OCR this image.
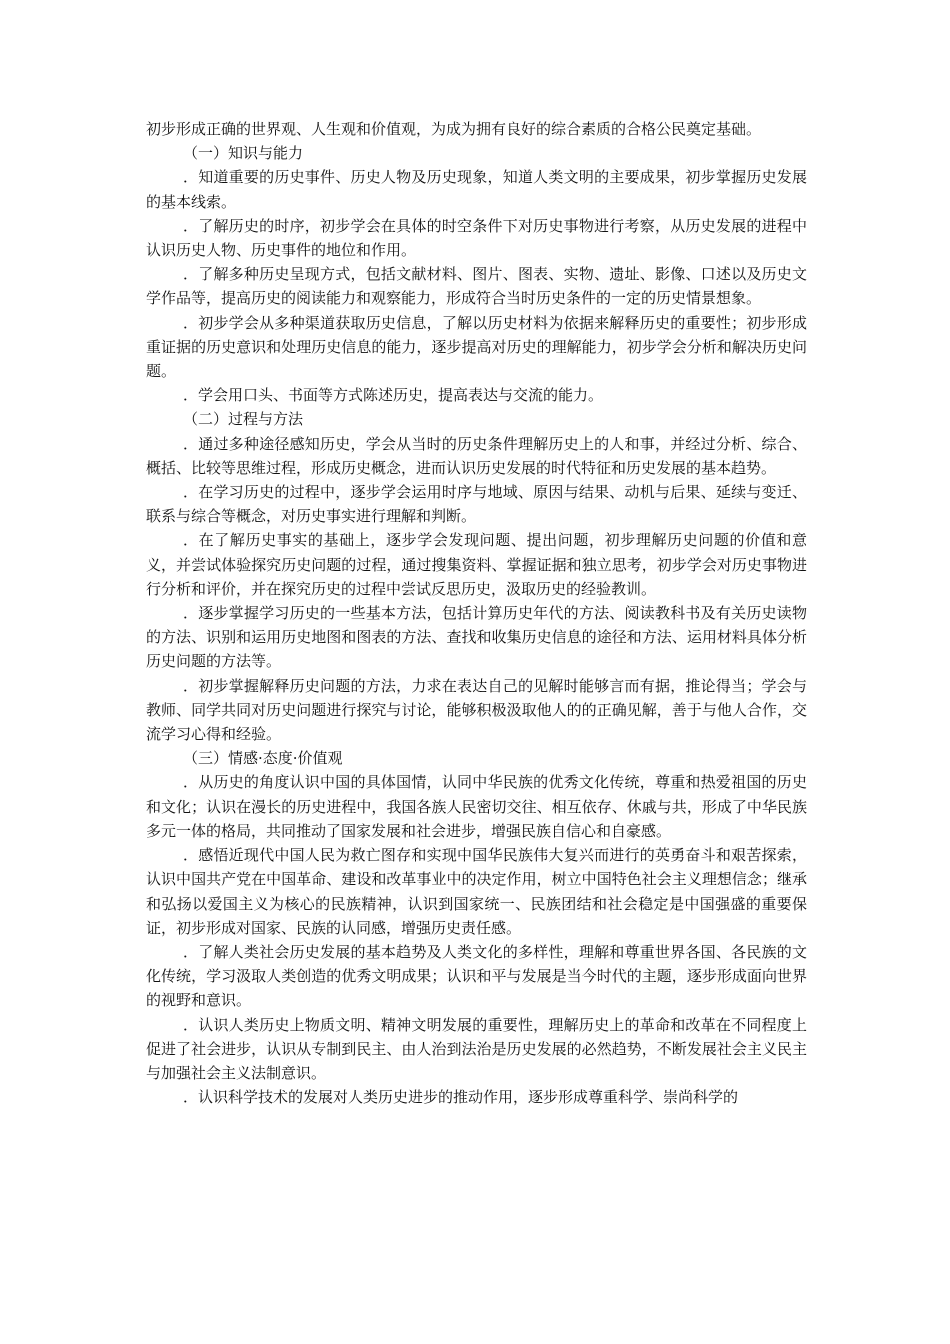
初步形成正确的世界观、人生观和价值观，为成为拥有良好的综合素质的合格公民奠定基础。

（一）知识与能力

．知道重要的历史事件、历史人物及历史现象，知道人类文明的主要成果，初步掌握历史发展的基本线索。

．了解历史的时序，初步学会在具体的时空条件下对历史事物进行考察，从历史发展的进程中认识历史人物、历史事件的地位和作用。

．了解多种历史呈现方式，包括文献材料、图片、图表、实物、遗址、影像、口述以及历史文学作品等，提高历史的阅读能力和观察能力，形成符合当时历史条件的一定的历史情景想象。

．初步学会从多种渠道获取历史信息，了解以历史材料为依据来解释历史的重要性；初步形成重证据的历史意识和处理历史信息的能力，逐步提高对历史的理解能力，初步学会分析和解决历史问题。

．学会用口头、书面等方式陈述历史，提高表达与交流的能力。

（二）过程与方法

．通过多种途径感知历史，学会从当时的历史条件理解历史上的人和事，并经过分析、综合、概括、比较等思维过程，形成历史概念，进而认识历史发展的时代特征和历史发展的基本趋势。

．在学习历史的过程中，逐步学会运用时序与地域、原因与结果、动机与后果、延续与变迁、联系与综合等概念，对历史事实进行理解和判断。

．在了解历史事实的基础上，逐步学会发现问题、提出问题，初步理解历史问题的价值和意义，并尝试体验探究历史问题的过程，通过搜集资料、掌握证据和独立思考，初步学会对历史事物进行分析和评价，并在探究历史的过程中尝试反思历史，汲取历史的经验教训。

．逐步掌握学习历史的一些基本方法，包括计算历史年代的方法、阅读教科书及有关历史读物的方法、识别和运用历史地图和图表的方法、查找和收集历史信息的途径和方法、运用材料具体分析历史问题的方法等。

．初步掌握解释历史问题的方法，力求在表达自己的见解时能够言而有据，推论得当；学会与教师、同学共同对历史问题进行探究与讨论，能够积极汲取他人的的正确见解，善于与他人合作，交流学习心得和经验。

（三）情感·态度·价值观

．从历史的角度认识中国的具体国情，认同中华民族的优秀文化传统，尊重和热爱祖国的历史和文化；认识在漫长的历史进程中，我国各族人民密切交往、相互依存、休戚与共，形成了中华民族多元一体的格局，共同推动了国家发展和社会进步，增强民族自信心和自豪感。

．感悟近现代中国人民为救亡图存和实现中国华民族伟大复兴而进行的英勇奋斗和艰苦探索，认识中国共产党在中国革命、建设和改革事业中的决定作用，树立中国特色社会主义理想信念；继承和弘扬以爱国主义为核心的民族精神，认识到国家统一、民族团结和社会稳定是中国强盛的重要保证，初步形成对国家、民族的认同感，增强历史责任感。

．了解人类社会历史发展的基本趋势及人类文化的多样性，理解和尊重世界各国、各民族的文化传统，学习汲取人类创造的优秀文明成果；认识和平与发展是当今时代的主题，逐步形成面向世界的视野和意识。

．认识人类历史上物质文明、精神文明发展的重要性，理解历史上的革命和改革在不同程度上促进了社会进步，认识从专制到民主、由人治到法治是历史发展的必然趋势，不断发展社会主义民主与加强社会主义法制意识。

．认识科学技术的发展对人类历史进步的推动作用，逐步形成尊重科学、崇尚科学的
